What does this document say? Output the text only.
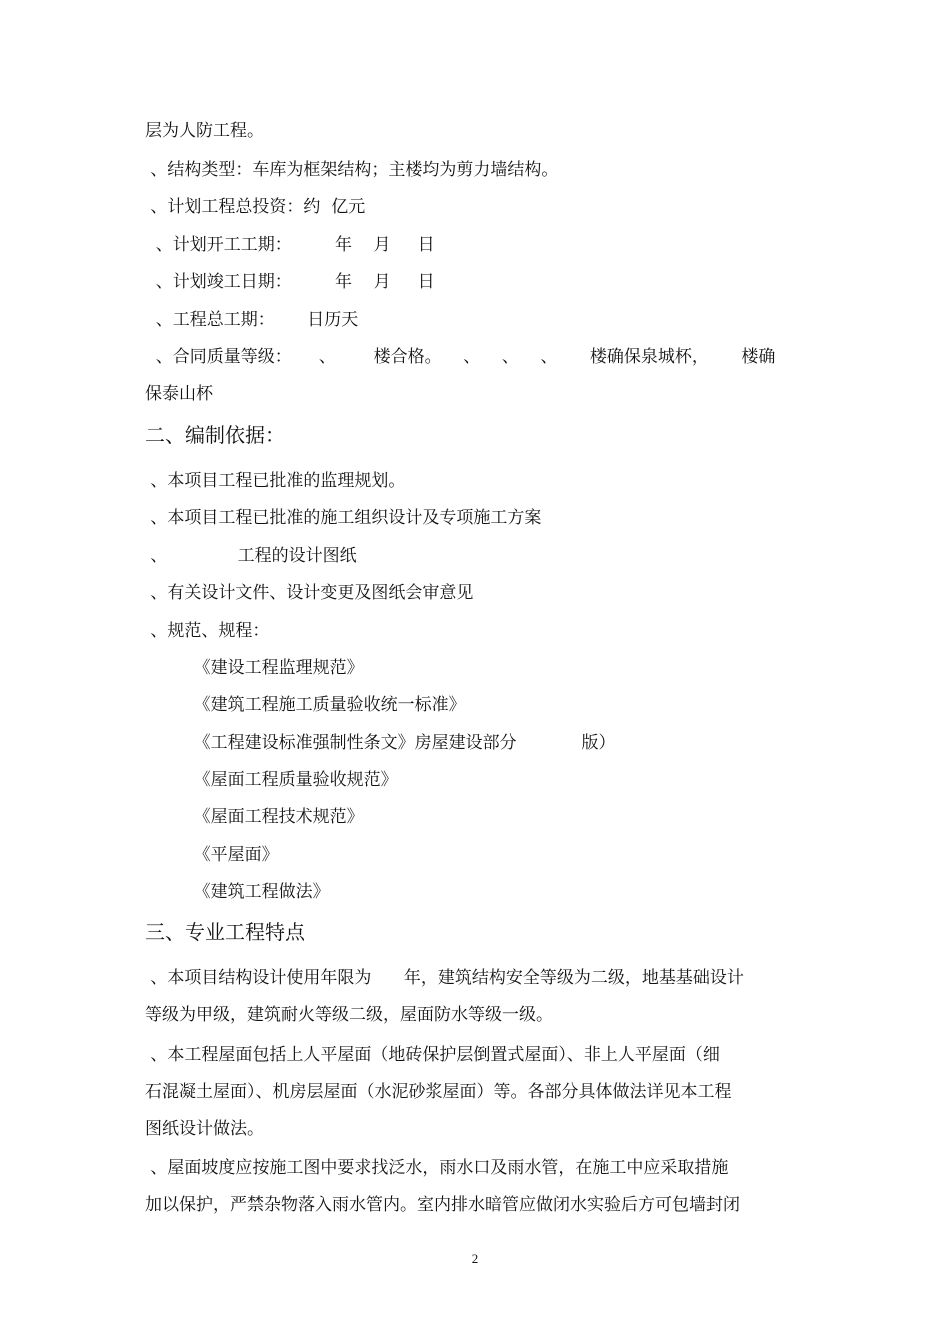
层为人防工程。
、结构类型：车库为框架结构；主楼均为剪力墙结构。
、计划工程总投资：约  亿元
、计划开工工期：        年    月     日
、计划竣工日期：        年    月     日
、工程总工期：      日历天
、合同质量等级：     、       楼合格。    、    、    、      楼确保泉城杯，      楼确
保泰山杯
二、编制依据：
、本项目工程已批准的监理规划。
、本项目工程已批准的施工组织设计及专项施工方案
、             工程的设计图纸
、有关设计文件、设计变更及图纸会审意见
、规范、规程：
《建设工程监理规范》
《建筑工程施工质量验收统一标准》
《工程建设标准强制性条文》房屋建设部分            版）
《屋面工程质量验收规范》
《屋面工程技术规范》
《平屋面》
《建筑工程做法》
三、专业工程特点
、本项目结构设计使用年限为      年，建筑结构安全等级为二级，地基基础设计
等级为甲级，建筑耐火等级二级，屋面防水等级一级。
、本工程屋面包括上人平屋面（地砖保护层倒置式屋面）、非上人平屋面（细
石混凝土屋面）、机房层屋面（水泥砂浆屋面）等。各部分具体做法详见本工程
图纸设计做法。
、屋面坡度应按施工图中要求找泛水，雨水口及雨水管，在施工中应采取措施
加以保护，严禁杂物落入雨水管内。室内排水暗管应做闭水实验后方可包墙封闭
2
